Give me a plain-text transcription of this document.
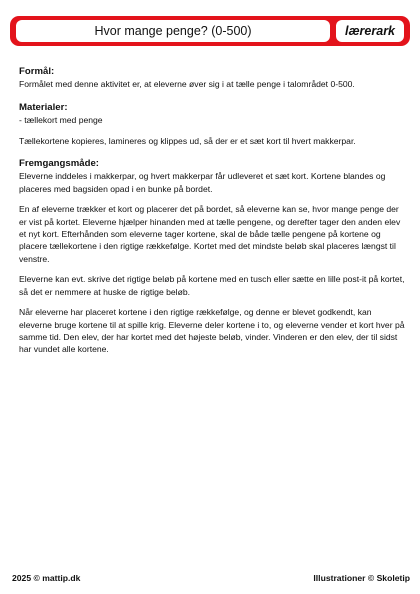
Hvor mange penge? (0-500)	lærerark

Formål:

Formålet med denne aktivitet er, at eleverne øver sig i at tælle penge i talområdet 0-500.

Materialer:

- tællekort med penge

Tællekortene kopieres, lamineres og klippes ud, så der er et sæt kort til hvert makkerpar.

Fremgangsmåde:

Eleverne inddeles i makkerpar, og hvert makkerpar får udleveret et sæt kort. Kortene blandes og placeres med bagsiden opad i en bunke på bordet.

En af eleverne trækker et kort og placerer det på bordet, så eleverne kan se, hvor mange penge der er vist på kortet. Eleverne hjælper hinanden med at tælle pengene, og derefter tager den anden elev et nyt kort. Efterhånden som eleverne tager kortene, skal de både tælle pengene på kortene og placere tællekortene i den rigtige rækkefølge. Kortet med det mindste beløb skal placeres længst til venstre.

Eleverne kan evt. skrive det rigtige beløb på kortene med en tusch eller sætte en lille post-it på kortet, så det er nemmere at huske de rigtige beløb.

Når eleverne har placeret kortene i den rigtige rækkefølge, og denne er blevet godkendt, kan eleverne bruge kortene til at spille krig. Eleverne deler kortene i to, og eleverne vender et kort hver på samme tid. Den elev, der har kortet med det højeste beløb, vinder. Vinderen er den elev, der til sidst har vundet alle kortene.

2025 © mattip.dk	Illustrationer © Skoletip
